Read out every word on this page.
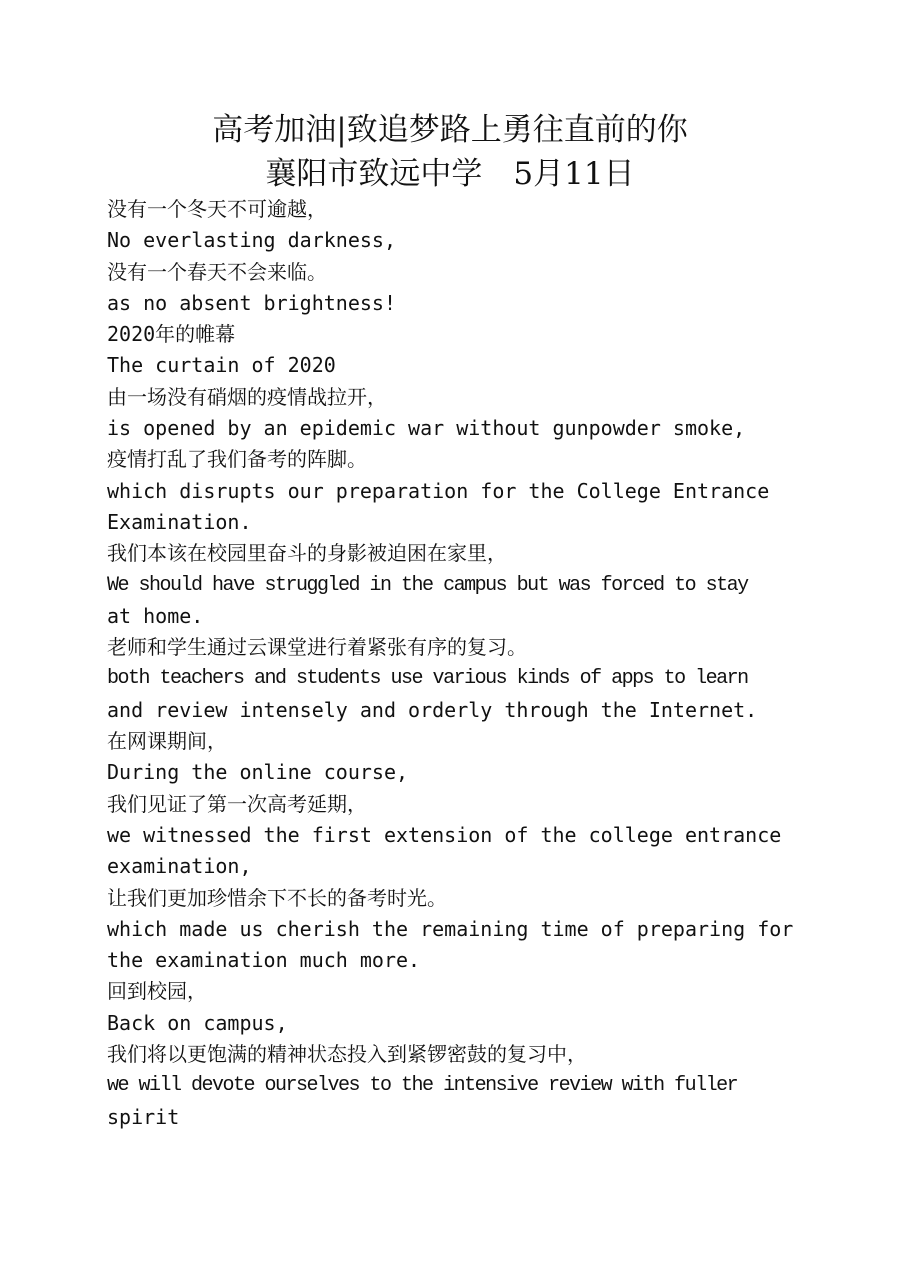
高考加油|致追梦路上勇往直前的你
襄阳市致远中学　5月11日
没有一个冬天不可逾越，
No everlasting darkness,
没有一个春天不会来临。
as no absent brightness!
2020年的帷幕
The curtain of 2020
由一场没有硝烟的疫情战拉开，
is opened by an epidemic war without gunpowder smoke,
疫情打乱了我们备考的阵脚。
which disrupts our preparation for the College Entrance
Examination.
我们本该在校园里奋斗的身影被迫困在家里，
We should have struggled in the campus but was forced to stay
at home.
老师和学生通过云课堂进行着紧张有序的复习。
both teachers and students use various kinds of apps to learn
and review intensely and orderly through the Internet.
在网课期间，
During the online course,
我们见证了第一次高考延期，
we witnessed the first extension of the college entrance
examination,
让我们更加珍惜余下不长的备考时光。
which made us cherish the remaining time of preparing for
the examination much more.
回到校园，
Back on campus,
我们将以更饱满的精神状态投入到紧锣密鼓的复习中，
we will devote ourselves to the intensive review with fuller
spirit
